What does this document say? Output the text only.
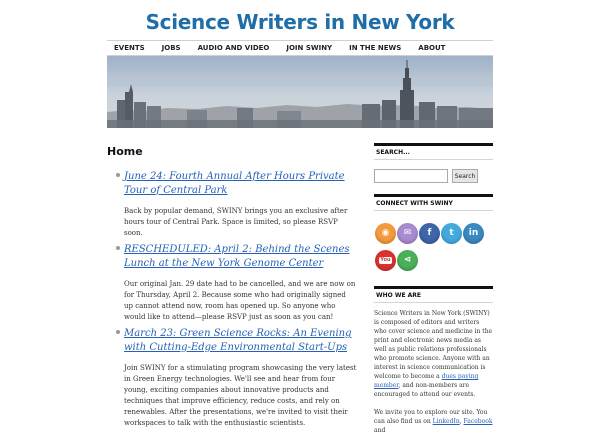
Science Writers in New York
EVENTS JOBS AUDIO AND VIDEO JOIN SWINY IN THE NEWS ABOUT
Home
June 24: Fourth Annual After Hours Private Tour of Central Park

Back by popular demand, SWINY brings you an exclusive after hours tour of Central Park. Space is limited, so please RSVP soon.

RESCHEDULED: April 2: Behind the Scenes Lunch at the New York Genome Center

Our original Jan. 29 date had to be cancelled, and we are now on for Thursday, April 2. Because some who had originally signed up cannot attend now, room has opened up. So anyone who would like to attend—please RSVP just as soon as you can!

March 23: Green Science Rocks: An Evening with Cutting-Edge Environmental Start-Ups

Join SWINY for a stimulating program showcasing the very latest in Green Energy technologies. We'll see and hear from four young, exciting companies about innovative products and techniques that improve efficiency, reduce costs, and rely on renewables. After the presentations, we're invited to visit their workspaces to talk with the enthusiastic scientists.

SEARCH...
Search
CONNECT WITH SWINY
◉ ✉ f t in
You ⋖
WHO WE ARE

Science Writers in New York (SWINY) is composed of editors and writers who cover science and medicine in the print and electronic news media as well as public relations professionals who promote science. Anyone with an interest in science communication is welcome to become a dues paying member, and non-members are encouraged to attend our events.

We invite you to explore our site. You can also find us on LinkedIn, Facebook and
